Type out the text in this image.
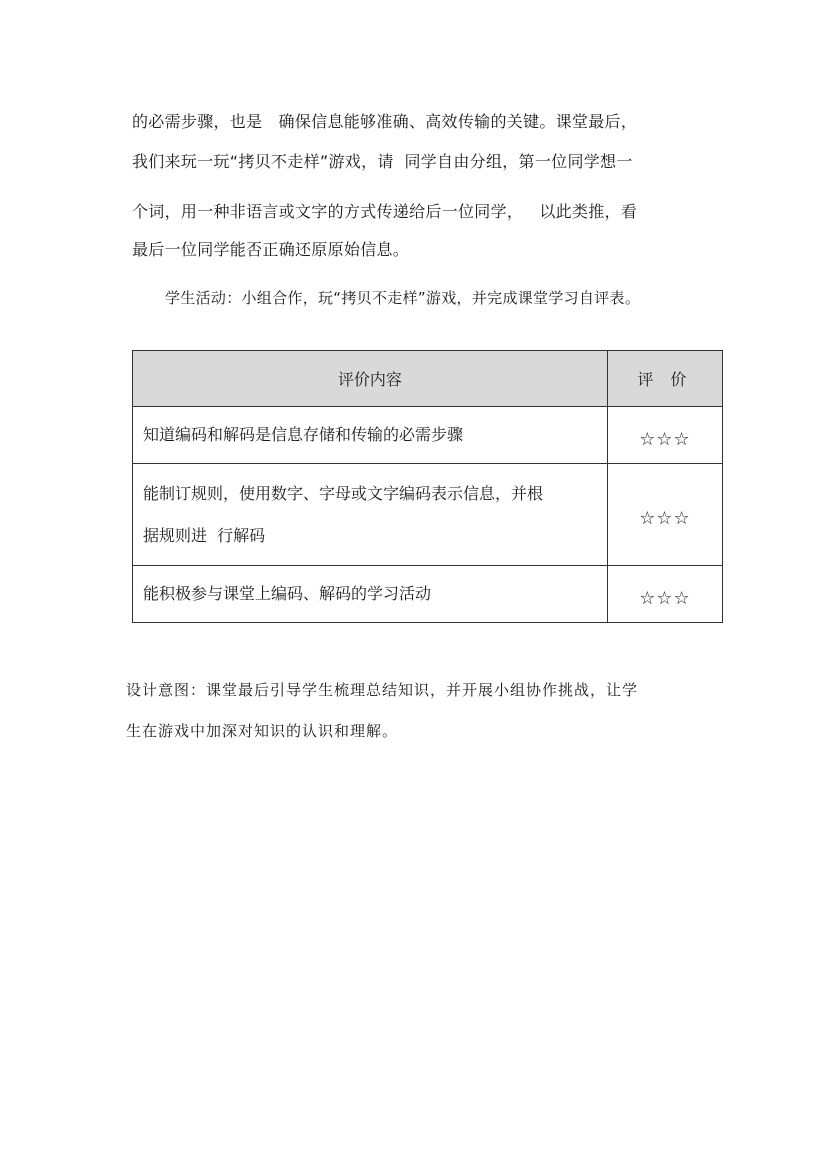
的必需步骤，也是   确保信息能够准确、高效传输的关键。课堂最后，
我们来玩一玩“拷贝不走样”游戏，请  同学自由分组，第一位同学想一
个词，用一种非语言或文字的方式传递给后一位同学，   以此类推，看
最后一位同学能否正确还原原始信息。
学生活动：小组合作，玩“拷贝不走样”游戏，并完成课堂学习自评表。
评价内容	评 价
知道编码和解码是信息存储和传输的必需步骤	☆☆☆

能制订规则，使用数字、字母或文字编码表示信息，并根
据规则进  行解码	☆☆☆
能积极参与课堂上编码、解码的学习活动	☆☆☆
设计意图：课堂最后引导学生梳理总结知识，并开展小组协作挑战，让学
生在游戏中加深对知识的认识和理解。
